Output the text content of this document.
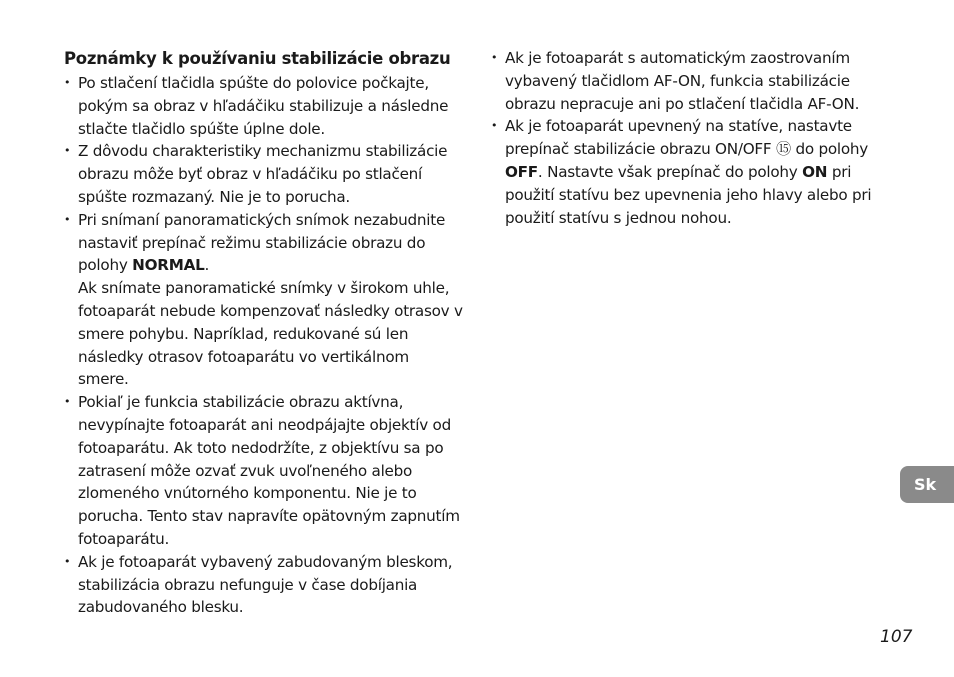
Poznámky k používaniu stabilizácie obrazu
• Po stlačení tlačidla spúšte do polovice počkajte, pokým sa obraz v hľadáčiku stabilizuje a následne stlačte tlačidlo spúšte úplne dole.
• Z dôvodu charakteristiky mechanizmu stabilizácie obrazu môže byť obraz v hľadáčiku po stlačení spúšte rozmazaný. Nie je to porucha.
• Pri snímaní panoramatických snímok nezabudnite nastaviť prepínač režimu stabilizácie obrazu do polohy NORMAL.
Ak snímate panoramatické snímky v širokom uhle, fotoaparát nebude kompenzovať následky otrasov v smere pohybu. Napríklad, redukované sú len následky otrasov fotoaparátu vo vertikálnom smere.
• Pokiaľ je funkcia stabilizácie obrazu aktívna, nevypínajte fotoaparát ani neodpájajte objektív od fotoaparátu. Ak toto nedodržíte, z objektívu sa po zatrasení môže ozvať zvuk uvoľneného alebo zlomeného vnútorného komponentu. Nie je to porucha. Tento stav napravíte opätovným zapnutím fotoaparátu.
• Ak je fotoaparát vybavený zabudovaným bleskom, stabilizácia obrazu nefunguje v čase dobíjania zabudovaného blesku.
• Ak je fotoaparát s automatickým zaostrovaním vybavený tlačidlom AF-ON, funkcia stabilizácie obrazu nepracuje ani po stlačení tlačidla AF-ON.
• Ak je fotoaparát upevnený na statíve, nastavte prepínač stabilizácie obrazu ON/OFF ⑮ do polohy OFF. Nastavte však prepínač do polohy ON pri použití statívu bez upevnenia jeho hlavy alebo pri použití statívu s jednou nohou.
Sk
107
